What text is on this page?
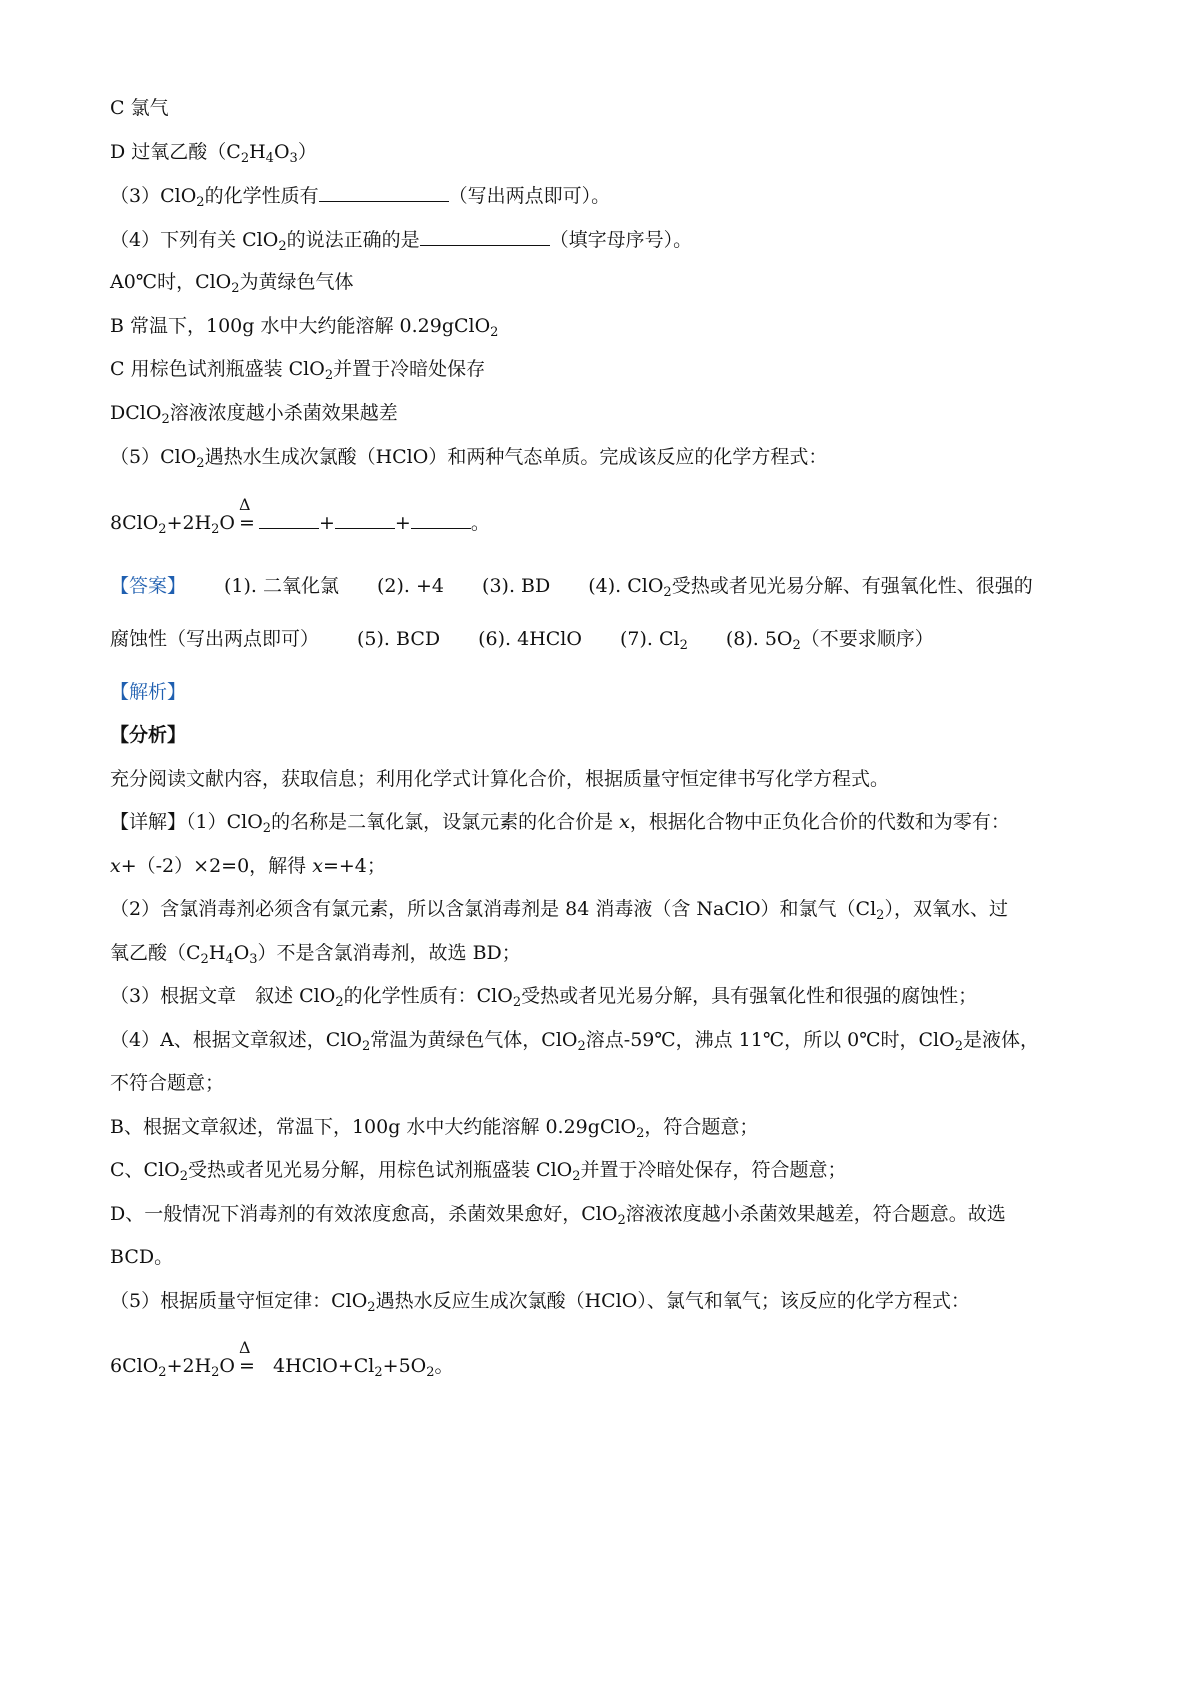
C 氯气
D 过氧乙酸$(C_2H_4O_3)$
（3）ClO$_2$的化学性质有	（写出两点即可）。
（4）下列有关 ClO$_2$的说法正确的是	（填字母序号）。
A0℃时，ClO$_2$为黄绿色气体
B 常温下，100g 水中大约能溶解 0.29gClO$_2$
C 用棕色试剂瓶盛装 ClO$_2$并置于冷暗处保存
DClO$_2$溶液浓度越小杀菌效果越差
（5）ClO$_2$遇热水生成次氯酸（HClO）和两种气态单质。完成该反应的化学方程式：
$8ClO_2+2H_2O$
Δ
=	+	+	。
【答案】 (1). 二氧化氯 (2). +4 (3). BD (4). ClO$_2$受热或者见光易分解、有强氧化性、很强的
腐蚀性（写出两点即可） (5). BCD (6). 4HClO (7). $Cl_2$ (8). $5O_2$（不要求顺序）
【解析】
【分析】
充分阅读文献内容，获取信息；利用化学式计算化合价，根据质量守恒定律书写化学方程式。
【详解】（1）ClO$_2$的名称是二氧化氯，设氯元素的化合价是 x，根据化合物中正负化合价的代数和为零有：
x+（-2）×2=0，解得 x=+4；
（2）含氯消毒剂必须含有氯元素，所以含氯消毒剂是 84 消毒液（含 NaClO）和氯气$(Cl_2)$，双氧水、过
氧乙酸$(C_2H_4O_3)$不是含氯消毒剂，故选 BD；
（3）根据文章　叙述 ClO$_2$的化学性质有：ClO$_2$受热或者见光易分解，具有强氧化性和很强的腐蚀性；
（4）A、根据文章叙述，ClO$_2$常温为黄绿色气体，ClO$_2$溶点-59℃，沸点 11℃，所以 0℃时，ClO$_2$是液体，
不符合题意；
B、根据文章叙述，常温下，100g 水中大约能溶解 0.29gClO$_2$，符合题意；
C、ClO$_2$受热或者见光易分解，用棕色试剂瓶盛装 ClO$_2$并置于冷暗处保存，符合题意；
D、一般情况下消毒剂的有效浓度愈高，杀菌效果愈好，ClO$_2$溶液浓度越小杀菌效果越差，符合题意。故选
BCD。
（5）根据质量守恒定律：ClO$_2$遇热水反应生成次氯酸（HClO）、氯气和氧气；该反应的化学方程式：
$6ClO_2+2H_2O$
Δ
= $4HClO+Cl_2+5O_2$。
